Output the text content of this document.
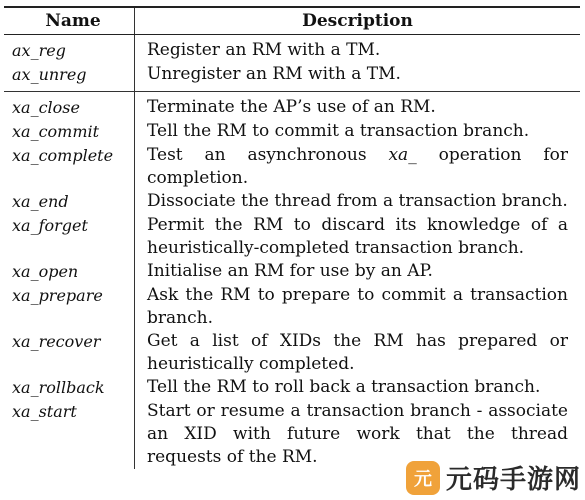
Name	Description

ax_reg	Register an RM with a TM.
ax_unreg	Unregister an RM with a TM.

xa_close	Terminate the AP’s use of an RM.
xa_commit	Tell the RM to commit a transaction branch.
xa_complete	Test an asynchronous xa_ operation for completion.
xa_end	Dissociate the thread from a transaction branch.
xa_forget	Permit the RM to discard its knowledge of a heuristically-completed transaction branch.
xa_open	Initialise an RM for use by an AP.
xa_prepare	Ask the RM to prepare to commit a transaction branch.
xa_recover	Get a list of XIDs the RM has prepared or heuristically completed.
xa_rollback	Tell the RM to roll back a transaction branch.
xa_start	Start or resume a transaction branch - associate an XID with future work that the thread requests of the RM.
元 元码手游网
